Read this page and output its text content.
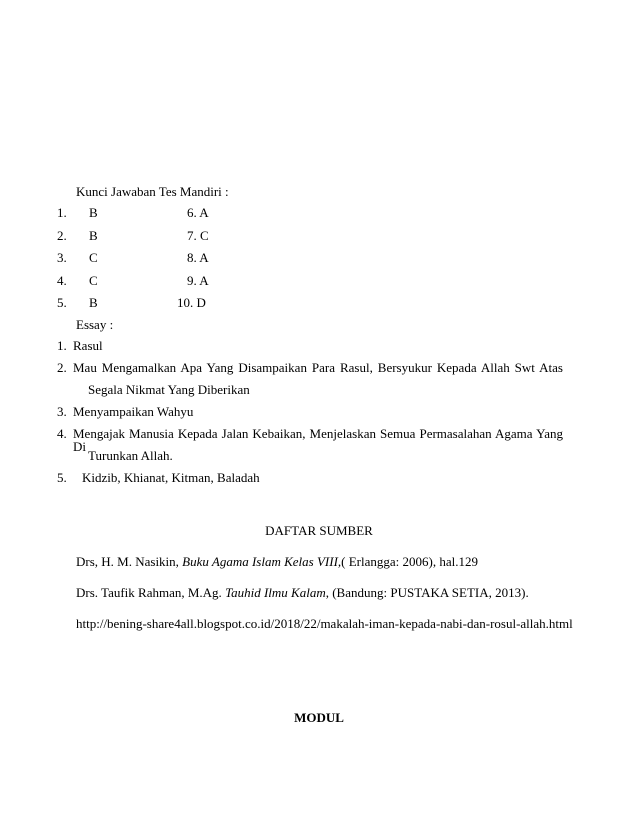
Kunci Jawaban Tes Mandiri :
1. B	6. A
2. B	7. C
3. C	8. A
4. C	9. A
5. B	10. D
Essay :
1. Rasul
2. Mau Mengamalkan Apa Yang Disampaikan Para Rasul, Bersyukur Kepada Allah Swt Atas
Segala Nikmat Yang Diberikan
3. Menyampaikan Wahyu
4. Mengajak Manusia Kepada Jalan Kebaikan, Menjelaskan Semua Permasalahan Agama Yang Di
Turunkan Allah.
5. Kidzib, Khianat, Kitman, Baladah
DAFTAR SUMBER
Drs, H. M. Nasikin, Buku Agama Islam Kelas VIII,( Erlangga: 2006), hal.129
Drs. Taufik Rahman, M.Ag. Tauhid Ilmu Kalam, (Bandung: PUSTAKA SETIA, 2013).
http://bening-share4all.blogspot.co.id/2018/22/makalah-iman-kepada-nabi-dan-rosul-allah.html
MODUL
